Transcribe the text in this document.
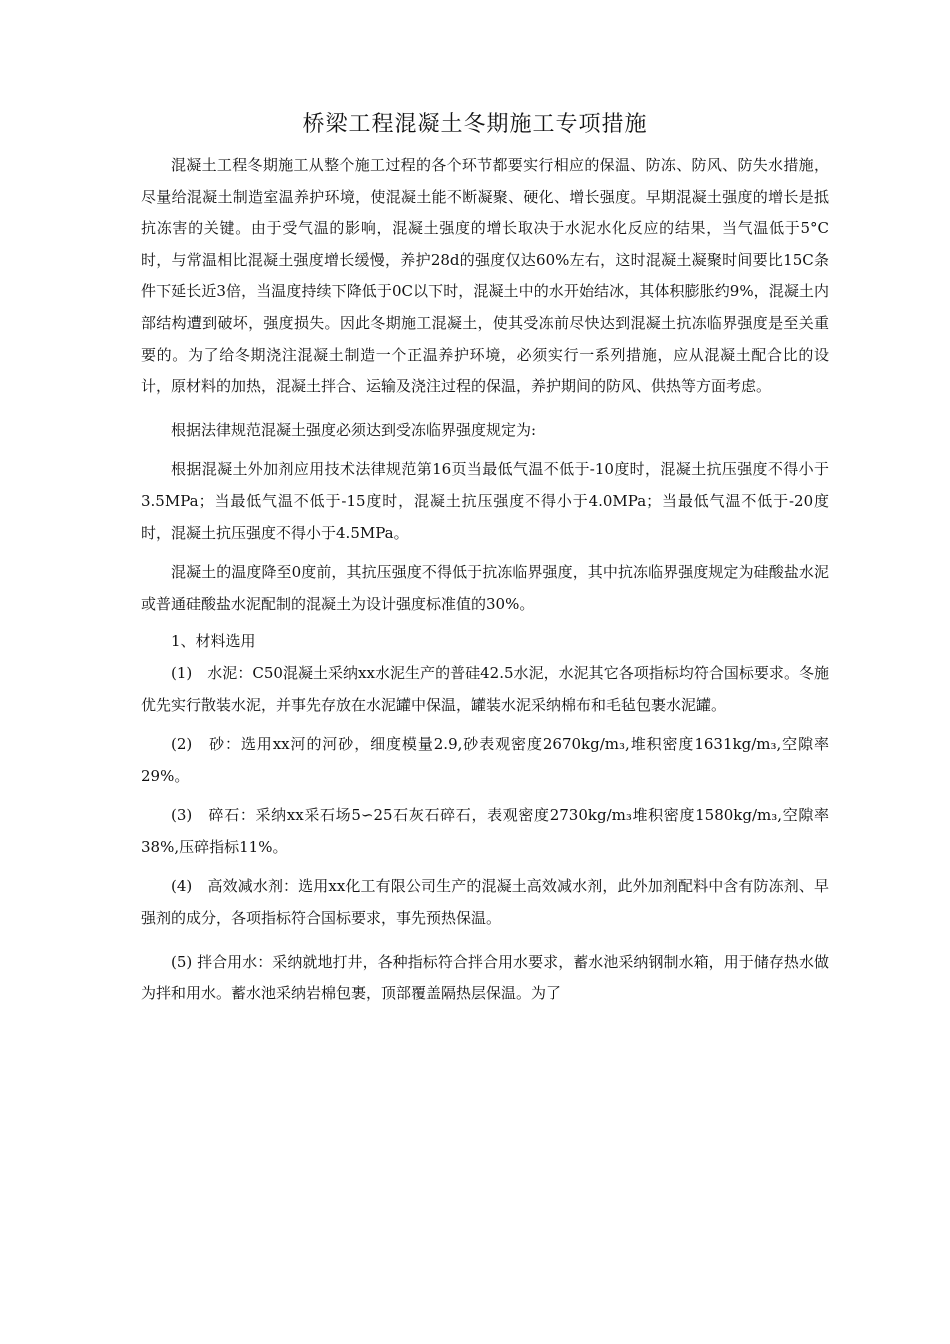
桥梁工程混凝土冬期施工专项措施

混凝土工程冬期施工从整个施工过程的各个环节都要实行相应的保温、防冻、防风、防失水措施，尽量给混凝土制造室温养护环境，使混凝土能不断凝聚、硬化、增长强度。早期混凝土强度的增长是抵抗冻害的关键。由于受气温的影响，混凝土强度的增长取决于水泥水化反应的结果，当气温低于5°C时，与常温相比混凝土强度增长缓慢，养护28d的强度仅达60%左右，这时混凝土凝聚时间要比15C条件下延长近3倍，当温度持续下降低于0C以下时，混凝土中的水开始结冰，其体积膨胀约9%，混凝土内部结构遭到破坏，强度损失。因此冬期施工混凝土，使其受冻前尽快达到混凝土抗冻临界强度是至关重要的。为了给冬期浇注混凝土制造一个正温养护环境，必须实行一系列措施，应从混凝土配合比的设计，原材料的加热，混凝土拌合、运输及浇注过程的保温，养护期间的防风、供热等方面考虑。

根据法律规范混凝土强度必须达到受冻临界强度规定为:

根据混凝土外加剂应用技术法律规范第16页当最低气温不低于-10度时，混凝土抗压强度不得小于3.5MPa；当最低气温不低于-15度时，混凝土抗压强度不得小于4.0MPa；当最低气温不低于-20度时，混凝土抗压强度不得小于4.5MPa。

混凝土的温度降至0度前，其抗压强度不得低于抗冻临界强度，其中抗冻临界强度规定为硅酸盐水泥或普通硅酸盐水泥配制的混凝土为设计强度标准值的30%。

1、材料选用

(1)　水泥：C50混凝土采纳xx水泥生产的普硅42.5水泥，水泥其它各项指标均符合国标要求。冬施优先实行散装水泥，并事先存放在水泥罐中保温，罐装水泥采纳棉布和毛毡包裹水泥罐。

(2)　砂：选用xx河的河砂，细度模量2.9,砂表观密度2670kg/m₃,堆积密度1631kg/m₃,空隙率29%。

(3)　碎石：采纳xx采石场5∽25石灰石碎石，表观密度2730kg/m₃堆积密度1580kg/m₃,空隙率38%,压碎指标11%。

(4)　高效减水剂：选用xx化工有限公司生产的混凝土高效减水剂，此外加剂配料中含有防冻剂、早强剂的成分，各项指标符合国标要求，事先预热保温。

(5) 拌合用水：采纳就地打井，各种指标符合拌合用水要求，蓄水池采纳钢制水箱，用于储存热水做为拌和用水。蓄水池采纳岩棉包裹，顶部覆盖隔热层保温。为了
